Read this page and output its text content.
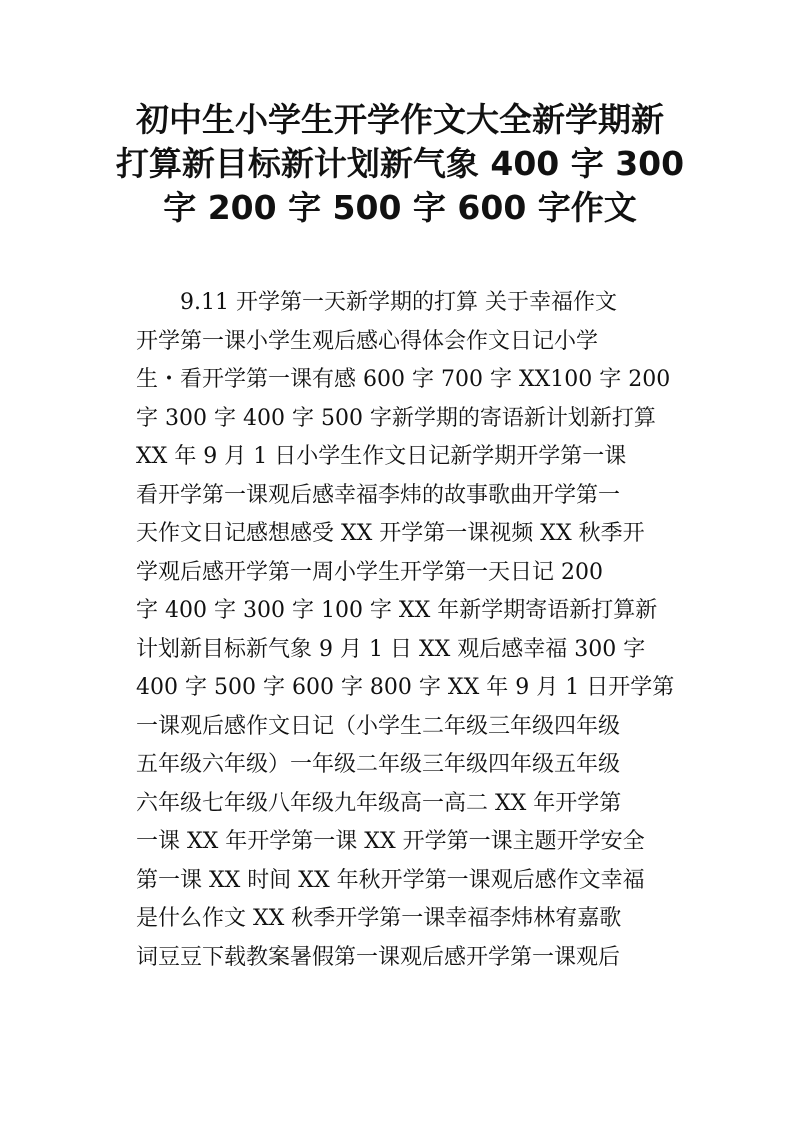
初中生小学生开学作文大全新学期新
打算新目标新计划新气象 400 字 300
字 200 字 500 字 600 字作文
　　9.11 开学第一天新学期的打算 关于幸福作文
开学第一课小学生观后感心得体会作文日记小学
生・看开学第一课有感 600 字 700 字 XX100 字 200
字 300 字 400 字 500 字新学期的寄语新计划新打算
XX 年 9 月 1 日小学生作文日记新学期开学第一课
看开学第一课观后感幸福李炜的故事歌曲开学第一
天作文日记感想感受 XX 开学第一课视频 XX 秋季开
学观后感开学第一周小学生开学第一天日记 200
字 400 字 300 字 100 字 XX 年新学期寄语新打算新
计划新目标新气象 9 月 1 日 XX 观后感幸福 300 字
400 字 500 字 600 字 800 字 XX 年 9 月 1 日开学第
一课观后感作文日记（小学生二年级三年级四年级
五年级六年级）一年级二年级三年级四年级五年级
六年级七年级八年级九年级高一高二 XX 年开学第
一课 XX 年开学第一课 XX 开学第一课主题开学安全
第一课 XX 时间 XX 年秋开学第一课观后感作文幸福
是什么作文 XX 秋季开学第一课幸福李炜林宥嘉歌
词豆豆下载教案暑假第一课观后感开学第一课观后
